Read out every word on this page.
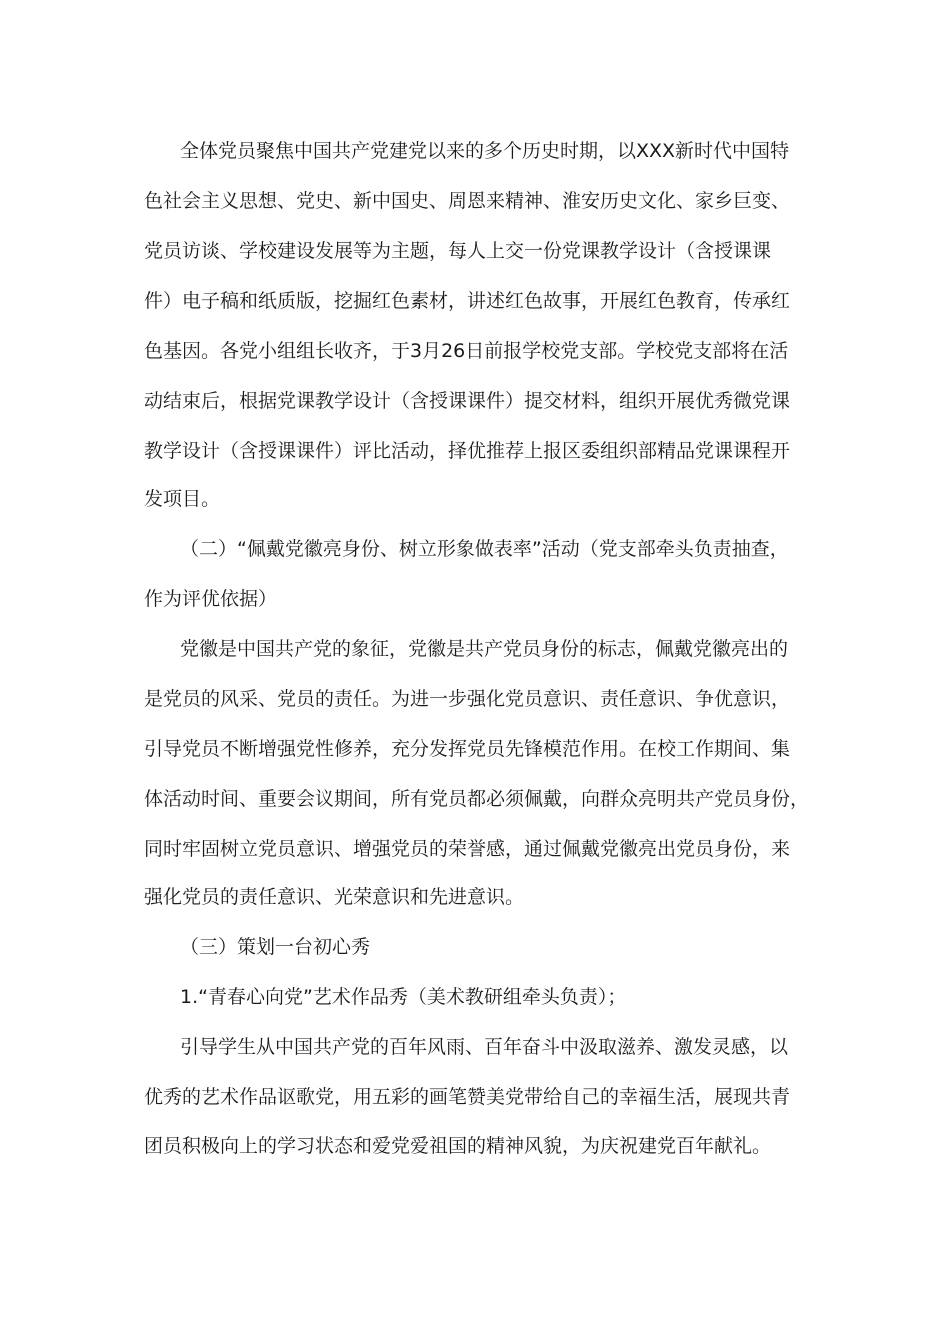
全体党员聚焦中国共产党建党以来的多个历史时期，以XXX新时代中国特
色社会主义思想、党史、新中国史、周恩来精神、淮安历史文化、家乡巨变、
党员访谈、学校建设发展等为主题，每人上交一份党课教学设计（含授课课
件）电子稿和纸质版，挖掘红色素材，讲述红色故事，开展红色教育，传承红
色基因。各党小组组长收齐，于3月26日前报学校党支部。学校党支部将在活
动结束后，根据党课教学设计（含授课课件）提交材料，组织开展优秀微党课
教学设计（含授课课件）评比活动，择优推荐上报区委组织部精品党课课程开
发项目。
（二）“佩戴党徽亮身份、树立形象做表率”活动（党支部牵头负责抽查，
作为评优依据）
党徽是中国共产党的象征，党徽是共产党员身份的标志，佩戴党徽亮出的
是党员的风采、党员的责任。为进一步强化党员意识、责任意识、争优意识，
引导党员不断增强党性修养，充分发挥党员先锋模范作用。在校工作期间、集
体活动时间、重要会议期间，所有党员都必须佩戴，向群众亮明共产党员身份，
同时牢固树立党员意识、增强党员的荣誉感，通过佩戴党徽亮出党员身份，来
强化党员的责任意识、光荣意识和先进意识。
（三）策划一台初心秀
1.“青春心向党”艺术作品秀（美术教研组牵头负责）；
引导学生从中国共产党的百年风雨、百年奋斗中汲取滋养、激发灵感，以
优秀的艺术作品讴歌党，用五彩的画笔赞美党带给自己的幸福生活，展现共青
团员积极向上的学习状态和爱党爱祖国的精神风貌，为庆祝建党百年献礼。
